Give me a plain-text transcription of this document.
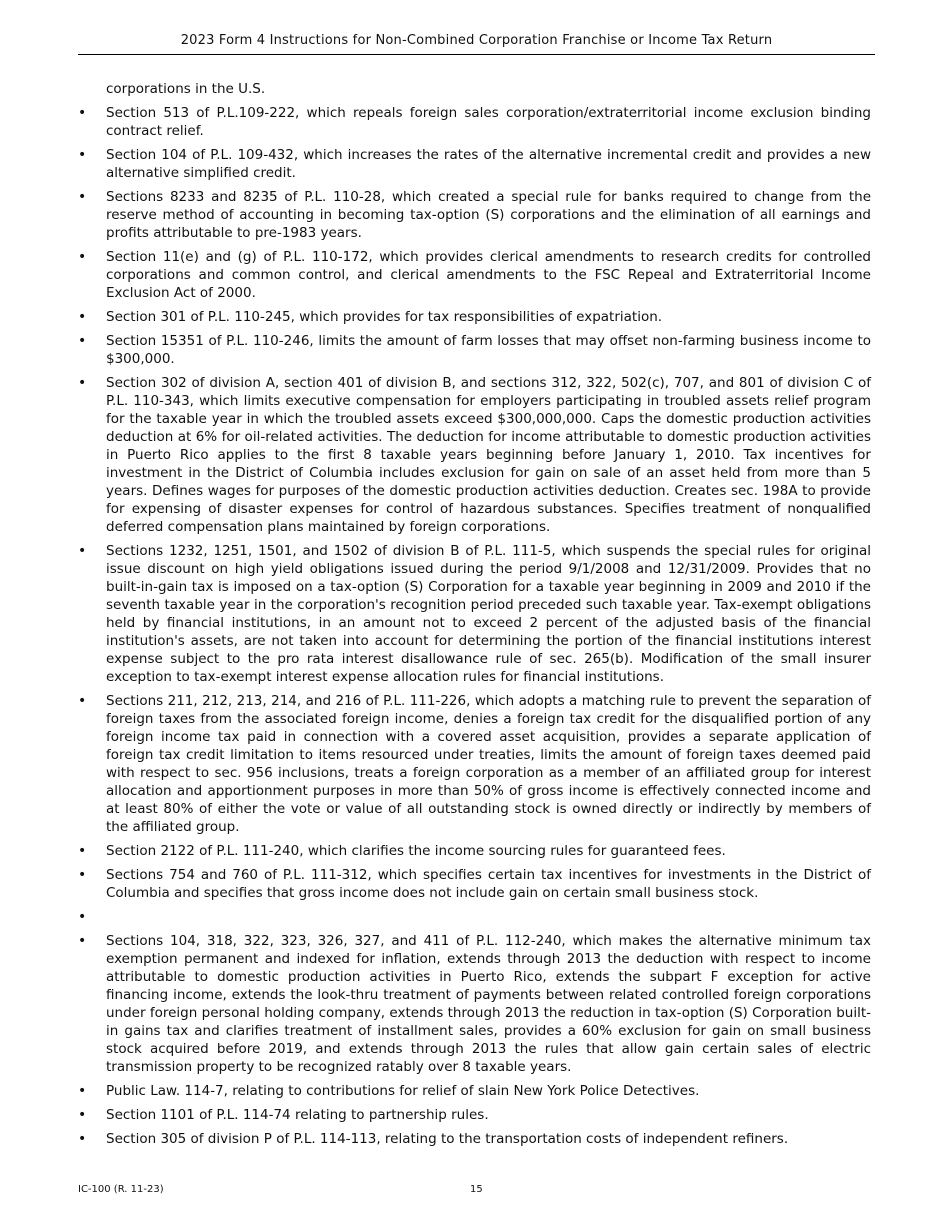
2023 Form 4 Instructions for Non-Combined Corporation Franchise or Income Tax Return

corporations in the U.S.

• Section 513 of P.L.109-222, which repeals foreign sales corporation/extraterritorial income exclusion binding contract relief.
• Section 104 of P.L. 109-432, which increases the rates of the alternative incremental credit and provides a new alternative simplified credit.
• Sections 8233 and 8235 of P.L. 110-28, which created a special rule for banks required to change from the reserve method of accounting in becoming tax-option (S) corporations and the elimination of all earnings and profits attributable to pre-1983 years.
• Section 11(e) and (g) of P.L. 110-172, which provides clerical amendments to research credits for controlled corporations and common control, and clerical amendments to the FSC Repeal and Extraterritorial Income Exclusion Act of 2000.
• Section 301 of P.L. 110-245, which provides for tax responsibilities of expatriation.
• Section 15351 of P.L. 110-246, limits the amount of farm losses that may offset non-farming business income to $300,000.
• Section 302 of division A, section 401 of division B, and sections 312, 322, 502(c), 707, and 801 of division C of P.L. 110-343, which limits executive compensation for employers participating in troubled assets relief program for the taxable year in which the troubled assets exceed $300,000,000. Caps the domestic production activities deduction at 6% for oil-related activities. The deduction for income attributable to domestic production activities in Puerto Rico applies to the first 8 taxable years beginning before January 1, 2010. Tax incentives for investment in the District of Columbia includes exclusion for gain on sale of an asset held from more than 5 years. Defines wages for purposes of the domestic production activities deduction. Creates sec. 198A to provide for expensing of disaster expenses for control of hazardous substances. Specifies treatment of nonqualified deferred compensation plans maintained by foreign corporations.
• Sections 1232, 1251, 1501, and 1502 of division B of P.L. 111-5, which suspends the special rules for original issue discount on high yield obligations issued during the period 9/1/2008 and 12/31/2009. Provides that no built-in-gain tax is imposed on a tax-option (S) Corporation for a taxable year beginning in 2009 and 2010 if the seventh taxable year in the corporation's recognition period preceded such taxable year. Tax-exempt obligations held by financial institutions, in an amount not to exceed 2 percent of the adjusted basis of the financial institution's assets, are not taken into account for determining the portion of the financial institutions interest expense subject to the pro rata interest disallowance rule of sec. 265(b). Modification of the small insurer exception to tax-exempt interest expense allocation rules for financial institutions.
• Sections 211, 212, 213, 214, and 216 of P.L. 111-226, which adopts a matching rule to prevent the separation of foreign taxes from the associated foreign income, denies a foreign tax credit for the disqualified portion of any foreign income tax paid in connection with a covered asset acquisition, provides a separate application of foreign tax credit limitation to items resourced under treaties, limits the amount of foreign taxes deemed paid with respect to sec. 956 inclusions, treats a foreign corporation as a member of an affiliated group for interest allocation and apportionment purposes in more than 50% of gross income is effectively connected income and at least 80% of either the vote or value of all outstanding stock is owned directly or indirectly by members of the affiliated group.
• Section 2122 of P.L. 111-240, which clarifies the income sourcing rules for guaranteed fees.
• Sections 754 and 760 of P.L. 111-312, which specifies certain tax incentives for investments in the District of Columbia and specifies that gross income does not include gain on certain small business stock.
•
• Sections 104, 318, 322, 323, 326, 327, and 411 of P.L. 112-240, which makes the alternative minimum tax exemption permanent and indexed for inflation, extends through 2013 the deduction with respect to income attributable to domestic production activities in Puerto Rico, extends the subpart F exception for active financing income, extends the look-thru treatment of payments between related controlled foreign corporations under foreign personal holding company, extends through 2013 the reduction in tax-option (S) Corporation built-in gains tax and clarifies treatment of installment sales, provides a 60% exclusion for gain on small business stock acquired before 2019, and extends through 2013 the rules that allow gain certain sales of electric transmission property to be recognized ratably over 8 taxable years.
• Public Law. 114-7, relating to contributions for relief of slain New York Police Detectives.
• Section 1101 of P.L. 114-74 relating to partnership rules.
• Section 305 of division P of P.L. 114-113, relating to the transportation costs of independent refiners.
IC-100 (R. 11-23)	15
